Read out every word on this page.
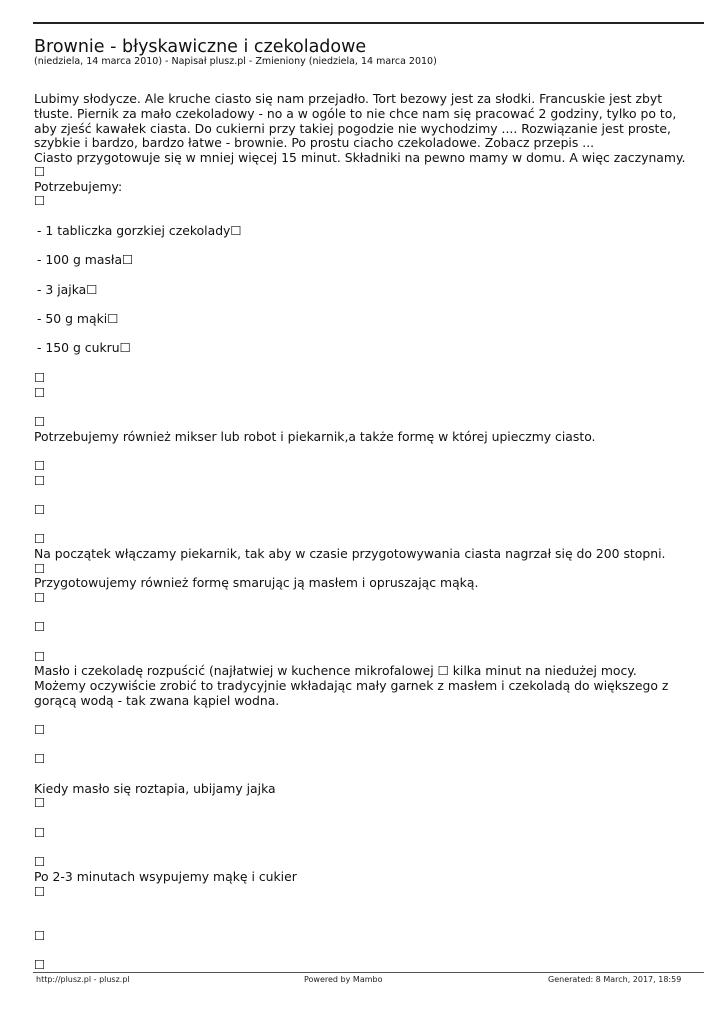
Brownie - błyskawiczne i czekoladowe
(niedziela, 14 marca 2010) - Napisał plusz.pl - Zmieniony (niedziela, 14 marca 2010)
Lubimy słodycze. Ale kruche ciasto się nam przejadło. Tort bezowy jest za słodki. Francuskie jest zbyt
tłuste. Piernik za mało czekoladowy - no a w ogóle to nie chce nam się pracować 2 godziny, tylko po to,
aby zjeść kawałek ciasta. Do cukierni przy takiej pogodzie nie wychodzimy .... Rozwiązanie jest proste,
szybkie i bardzo, bardzo łatwe - brownie. Po prostu ciacho czekoladowe. Zobacz przepis ...
Ciasto przygotowuje się w mniej więcej 15 minut. Składniki na pewno mamy w domu. A więc zaczynamy.
☐
Potrzebujemy:
☐
- 1 tabliczka gorzkiej czekolady☐
- 100 g masła☐
- 3 jajka☐
- 50 g mąki☐
- 150 g cukru☐
☐
☐
☐
Potrzebujemy również mikser lub robot i piekarnik,a także formę w której upieczmy ciasto.
☐
☐
☐
☐
Na początek włączamy piekarnik, tak aby w czasie przygotowywania ciasta nagrzał się do 200 stopni.
☐
Przygotowujemy również formę smarując ją masłem i opruszając mąką.
☐
☐
☐
Masło i czekoladę rozpuścić (najłatwiej w kuchence mikrofalowej ☐ kilka minut na niedużej mocy.
Możemy oczywiście zrobić to tradycyjnie wkładając mały garnek z masłem i czekoladą do większego z
gorącą wodą - tak zwana kąpiel wodna.
☐
☐
Kiedy masło się roztapia, ubijamy jajka
☐
☐
☐
Po 2-3 minutach wsypujemy mąkę i cukier
☐
☐
☐
http://plusz.pl - plusz.pl	Powered by Mambo	Generated: 8 March, 2017, 18:59
